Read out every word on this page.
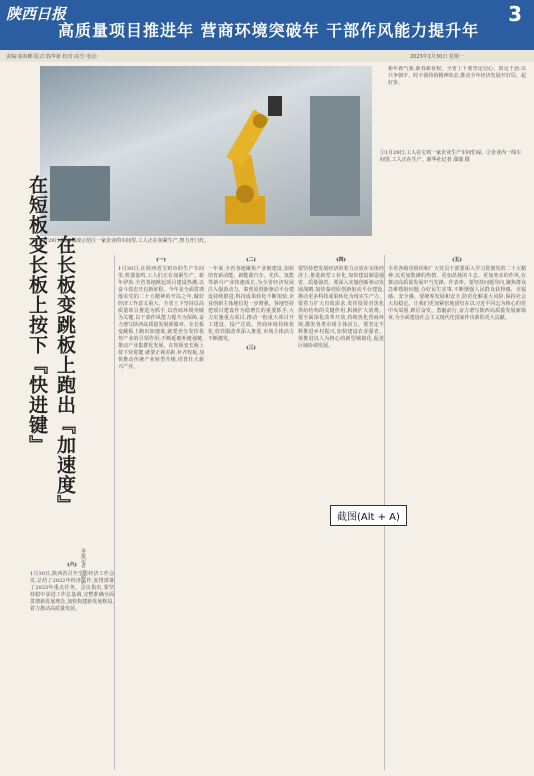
陕西日报
高质量项目推进年 营商环境突破年 干部作风能力提升年
3
责编:秦海鹏 版式:钱华新 校对:高雪 电话:	2023年1月30日 星期一
新年新气象,新春新征程。全省上下要坚定信心、鼓足干劲,以只争朝夕、时不我待的精神状态,推动全年经济发展开好局、起好步。
①1月29日,工人在宝鸡一家企业生产车间忙碌。②企业内一线车间里,工人正在生产。新华社记者 邵瑞 摄
1月29日,陕西杨凌示范区一家企业的车间里,工人正在加紧生产,努力开门红。
在长板变跳板上跑出『加速度』
在短板变长板上按下『快进键』
本报记者 王婷婷
(六)
1月30日,陕西省召开全省经济工作会议,总结了2022年经济工作,安排部署了2023年重点任务。会议指出,要坚持稳中求进工作总基调,完整准确全面贯彻新发展理念,加快构建新发展格局,着力推动高质量发展。
(一)
1月30日,在陕西省宝鸡市的生产车间里,机器轰鸣,工人们正在加紧生产。新年伊始,全省各地掀起项目建设热潮,以奋斗姿态开启新征程。今年是全面贯彻落实党的二十大精神的开局之年,做好经济工作意义重大。全省上下坚持以高质量项目推进为抓手,以营商环境突破为关键,以干部作风能力提升为保障,奋力谱写陕西高质量发展新篇章。在长板变跳板上跑出加速度,就要充分发挥优势产业的引领作用,不断延链补链强链,推动产业集群化发展。在短板变长板上按下快进键,就要正视差距,补齐短板,加快推动传统产业转型升级,培育壮大新兴产业。
(二)
一年来,全省各地聚焦产业链建设,加快培育新动能。新能源汽车、光伏、氢能等新兴产业快速成长,为全省经济发展注入强劲动力。秦创原创新驱动平台建设持续推进,科技成果转化不断加快,企业创新主体地位进一步增强。各地坚持把项目建设作为稳增长的重要抓手,大力实施重点项目,推动一批重大项目开工建设、投产达效。营商环境持续优化,放管服改革深入推进,市场主体活力不断激发。
(三)
(四)
要坚持把发展经济的着力点放在实体经济上,推进新型工业化,加快建设制造强省、质量强省。要深入实施创新驱动发展战略,加快秦创原创新驱动平台建设,推动更多科技成果转化为现实生产力。要着力扩大有效需求,发挥投资对优化供给结构的关键作用,积极扩大消费。要全面深化改革开放,持续优化营商环境,激发各类市场主体活力。要坚定不移推进乡村振兴,加快建设农业强省。要推进以人为核心的新型城镇化,促进区域协调发展。
(五)
全省各级党组织和广大党员干部要深入学习贯彻党的二十大精神,以更加饱满的热情、更加昂扬的斗志、更加务实的作风,在推动高质量发展中当先锋、作表率。要坚持问题导向,聚焦群众急难愁盼问题,办好民生实事,不断增强人民群众获得感、幸福感、安全感。要统筹发展和安全,防范化解重大风险,保持社会大局稳定。让我们更加紧密地团结在以习近平同志为核心的党中央周围,踔厉奋发、勇毅前行,奋力谱写陕西高质量发展新篇章,为全面建设社会主义现代化国家作出新的更大贡献。
截图(Alt + A)
